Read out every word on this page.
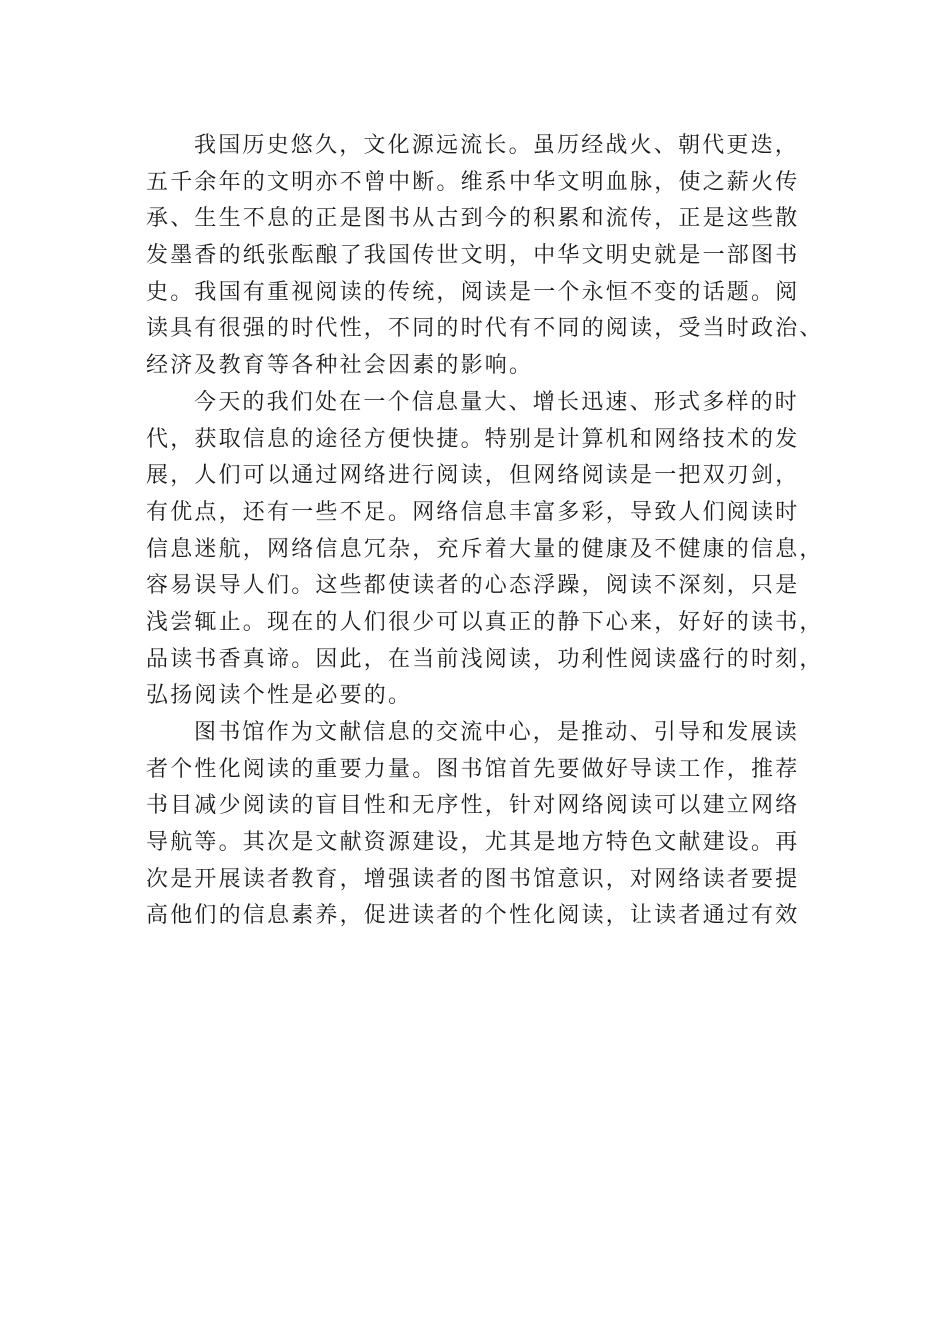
我国历史悠久，文化源远流长。虽历经战火、朝代更迭，
五千余年的文明亦不曾中断。维系中华文明血脉，使之薪火传
承、生生不息的正是图书从古到今的积累和流传，正是这些散
发墨香的纸张酝酿了我国传世文明，中华文明史就是一部图书
史。我国有重视阅读的传统，阅读是一个永恒不变的话题。阅
读具有很强的时代性，不同的时代有不同的阅读，受当时政治、
经济及教育等各种社会因素的影响。
今天的我们处在一个信息量大、增长迅速、形式多样的时
代，获取信息的途径方便快捷。特别是计算机和网络技术的发
展，人们可以通过网络进行阅读，但网络阅读是一把双刃剑，
有优点，还有一些不足。网络信息丰富多彩，导致人们阅读时
信息迷航，网络信息冗杂，充斥着大量的健康及不健康的信息，
容易误导人们。这些都使读者的心态浮躁，阅读不深刻，只是
浅尝辄止。现在的人们很少可以真正的静下心来，好好的读书，
品读书香真谛。因此，在当前浅阅读，功利性阅读盛行的时刻，
弘扬阅读个性是必要的。
图书馆作为文献信息的交流中心，是推动、引导和发展读
者个性化阅读的重要力量。图书馆首先要做好导读工作，推荐
书目减少阅读的盲目性和无序性，针对网络阅读可以建立网络
导航等。其次是文献资源建设，尤其是地方特色文献建设。再
次是开展读者教育，增强读者的图书馆意识，对网络读者要提
高他们的信息素养，促进读者的个性化阅读，让读者通过有效
